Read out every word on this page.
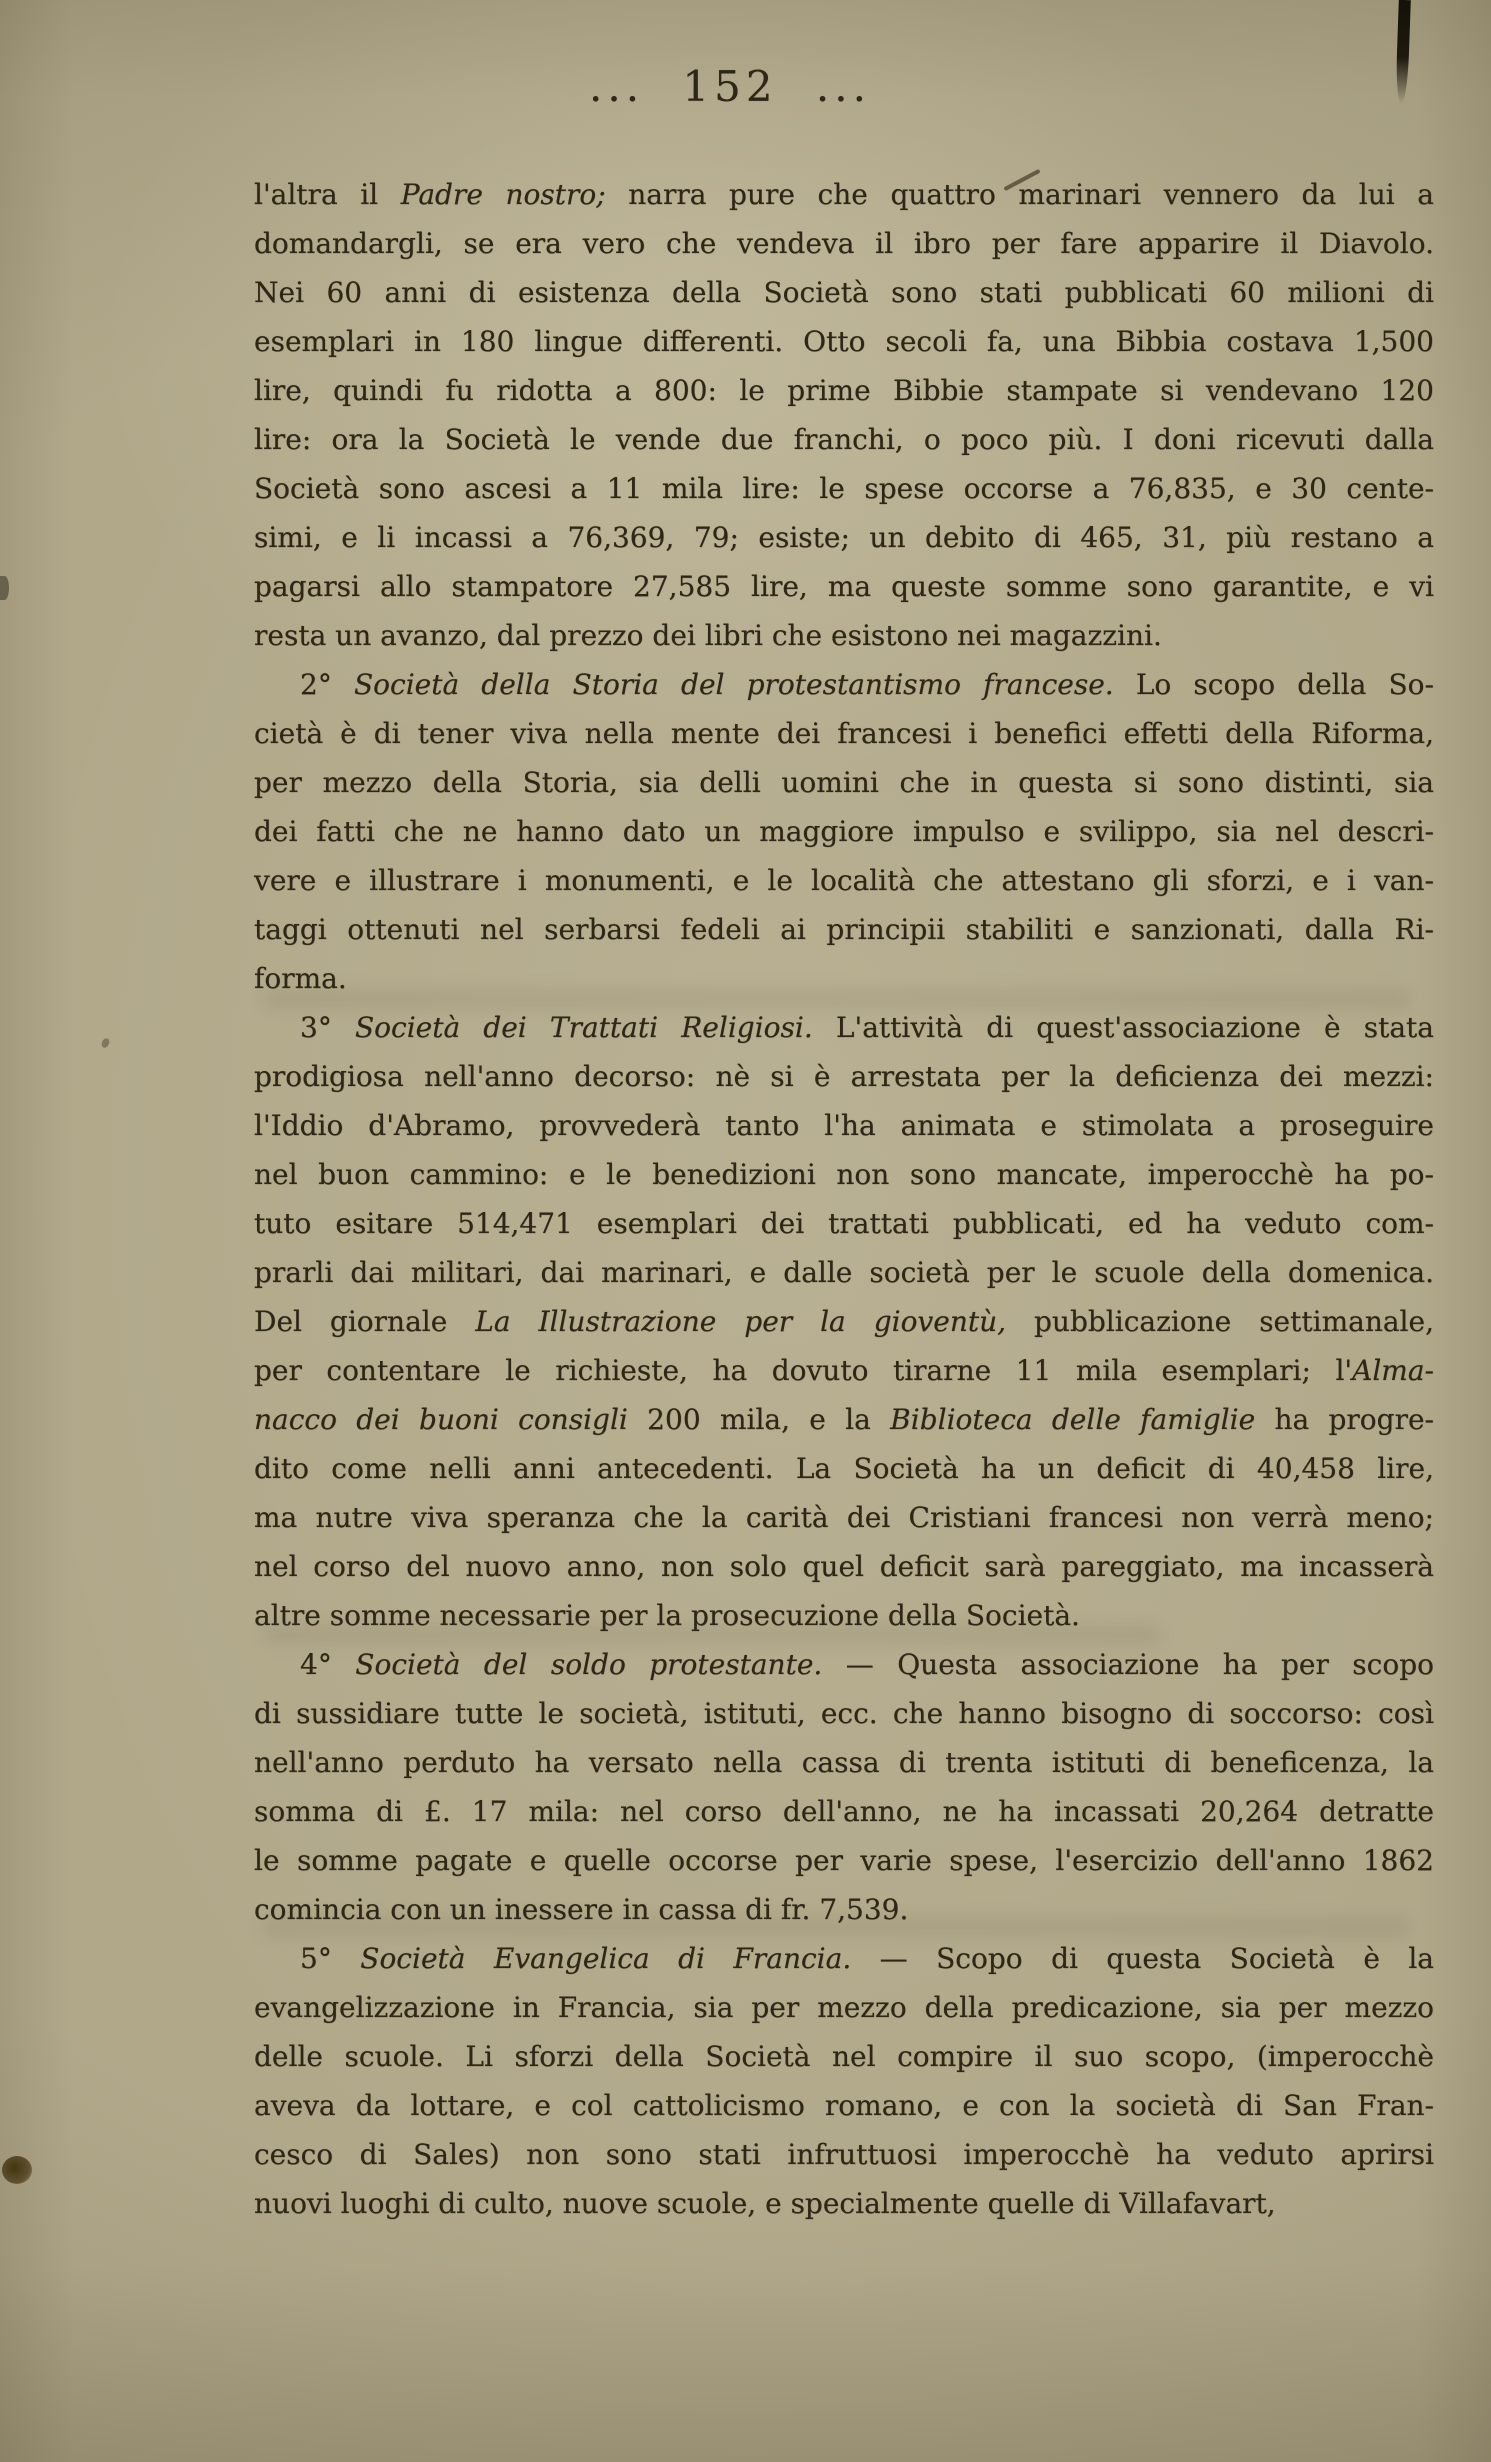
... 152 ...
l'altra il Padre nostro; narra pure che quattro marinari vennero da lui a
domandargli, se era vero che vendeva il ibro per fare apparire il Diavolo.
Nei 60 anni di esistenza della Società sono stati pubblicati 60 milioni di
esemplari in 180 lingue differenti. Otto secoli fa, una Bibbia costava 1,500
lire, quindi fu ridotta a 800: le prime Bibbie stampate si vendevano 120
lire: ora la Società le vende due franchi, o poco più. I doni ricevuti dalla
Società sono ascesi a 11 mila lire: le spese occorse a 76,835, e 30 cente-
simi, e li incassi a 76,369, 79; esiste; un debito di 465, 31, più restano a
pagarsi allo stampatore 27,585 lire, ma queste somme sono garantite, e vi
resta un avanzo, dal prezzo dei libri che esistono nei magazzini.
2° Società della Storia del protestantismo francese. Lo scopo della So-
cietà è di tener viva nella mente dei francesi i benefici effetti della Riforma,
per mezzo della Storia, sia delli uomini che in questa si sono distinti, sia
dei fatti che ne hanno dato un maggiore impulso e svilippo, sia nel descri-
vere e illustrare i monumenti, e le località che attestano gli sforzi, e i van-
taggi ottenuti nel serbarsi fedeli ai principii stabiliti e sanzionati, dalla Ri-
forma.
3° Società dei Trattati Religiosi. L'attività di quest'associazione è stata
prodigiosa nell'anno decorso: nè si è arrestata per la deficienza dei mezzi:
l'Iddio d'Abramo, provvederà tanto l'ha animata e stimolata a proseguire
nel buon cammino: e le benedizioni non sono mancate, imperocchè ha po-
tuto esitare 514,471 esemplari dei trattati pubblicati, ed ha veduto com-
prarli dai militari, dai marinari, e dalle società per le scuole della domenica.
Del giornale La Illustrazione per la gioventù, pubblicazione settimanale,
per contentare le richieste, ha dovuto tirarne 11 mila esemplari; l'Alma-
nacco dei buoni consigli 200 mila, e la Biblioteca delle famiglie ha progre-
dito come nelli anni antecedenti. La Società ha un deficit di 40,458 lire,
ma nutre viva speranza che la carità dei Cristiani francesi non verrà meno;
nel corso del nuovo anno, non solo quel deficit sarà pareggiato, ma incasserà
altre somme necessarie per la prosecuzione della Società.
4° Società del soldo protestante. — Questa associazione ha per scopo
di sussidiare tutte le società, istituti, ecc. che hanno bisogno di soccorso: così
nell'anno perduto ha versato nella cassa di trenta istituti di beneficenza, la
somma di £. 17 mila: nel corso dell'anno, ne ha incassati 20,264 detratte
le somme pagate e quelle occorse per varie spese, l'esercizio dell'anno 1862
comincia con un inessere in cassa di fr. 7,539.
5° Società Evangelica di Francia. — Scopo di questa Società è la
evangelizzazione in Francia, sia per mezzo della predicazione, sia per mezzo
delle scuole. Li sforzi della Società nel compire il suo scopo, (imperocchè
aveva da lottare, e col cattolicismo romano, e con la società di San Fran-
cesco di Sales) non sono stati infruttuosi imperocchè ha veduto aprirsi
nuovi luoghi di culto, nuove scuole, e specialmente quelle di Villafavart,
